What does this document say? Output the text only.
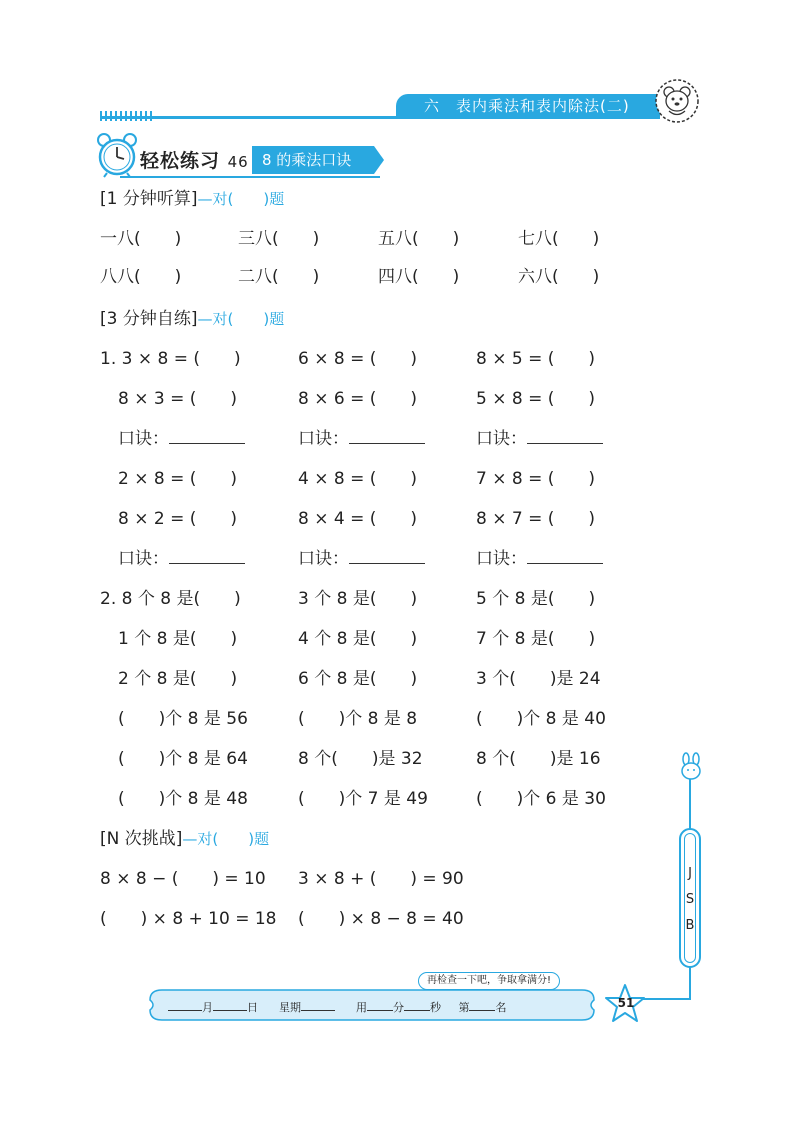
六　表内乘法和表内除法(二)
轻松练习 46 8 的乘法口诀
[1 分钟听算]—对(　　)题
一八(　　)	三八(　　)	五八(　　)	七八(　　)
八八(　　)	二八(　　)	四八(　　)	六八(　　)
[3 分钟自练]—对(　　)题
1. 3 × 8 = (　　)	6 × 8 = (　　)	8 × 5 = (　　)
8 × 3 = (　　)	8 × 6 = (　　)	5 × 8 = (　　)
口诀：	口诀：	口诀：
2 × 8 = (　　)	4 × 8 = (　　)	7 × 8 = (　　)
8 × 2 = (　　)	8 × 4 = (　　)	8 × 7 = (　　)
口诀：	口诀：	口诀：
2. 8 个 8 是(　　)	3 个 8 是(　　)	5 个 8 是(　　)
1 个 8 是(　　)	4 个 8 是(　　)	7 个 8 是(　　)
2 个 8 是(　　)	6 个 8 是(　　)	3 个(　　)是 24
(　　)个 8 是 56	(　　)个 8 是 8	(　　)个 8 是 40
(　　)个 8 是 64	8 个(　　)是 32	8 个(　　)是 16
(　　)个 8 是 48	(　　)个 7 是 49	(　　)个 6 是 30
[N 次挑战]—对(　　)题
8 × 8 − (　　) = 10 3 × 8 + (　　) = 90
(　　) × 8 + 10 = 18 (　　) × 8 − 8 = 40
J
S
B
再检查一下吧，争取拿满分!
月	日 星期	用 分 秒 第 名	51
